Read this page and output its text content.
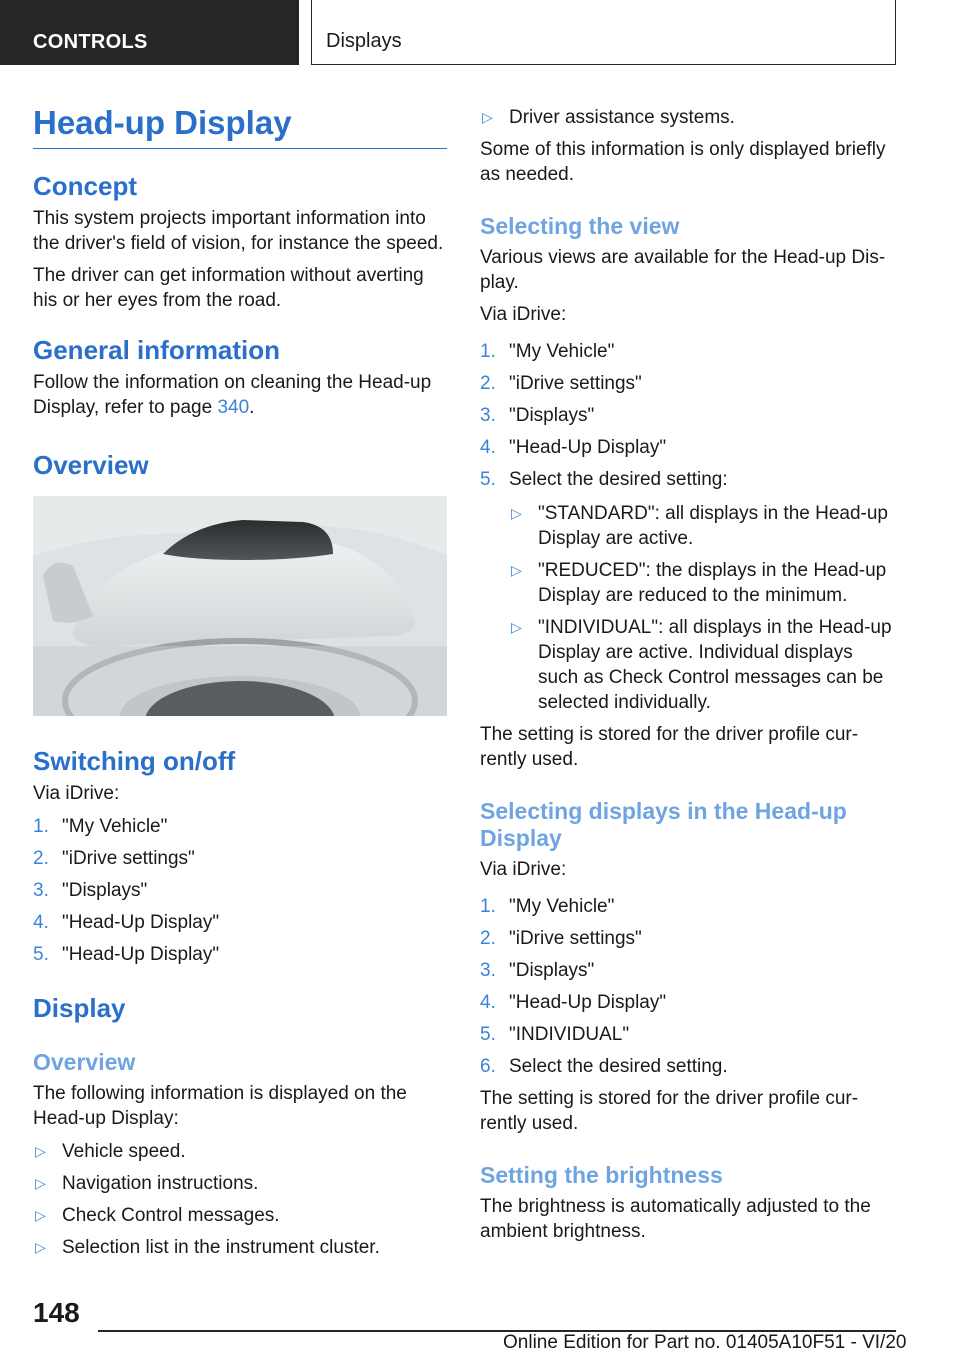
CONTROLS	Displays
Head-up Display
Concept

This system projects important information into the driver's field of vision, for instance the speed.

The driver can get information without averting his or her eyes from the road.

General information

Follow the information on cleaning the Head-up Display, refer to page 340.

Overview
Switching on/off

Via iDrive:

1. "My Vehicle"
2. "iDrive settings"
3. "Displays"
4. "Head-Up Display"
5. "Head-Up Display"
Display
Overview

The following information is displayed on the Head-up Display:

▷ Vehicle speed.
▷ Navigation instructions.
▷ Check Control messages.
▷ Selection list in the instrument cluster.
▷ Driver assistance systems.

Some of this information is only displayed briefly as needed.

Selecting the view

Various views are available for the Head-up Display.

Via iDrive:

1. "My Vehicle"
2. "iDrive settings"
3. "Displays"
4. "Head-Up Display"
5. Select the desired setting:
▷ "STANDARD": all displays in the Head-up Display are active.
▷ "REDUCED": the displays in the Head-up Display are reduced to the minimum.
▷ "INDIVIDUAL": all displays in the Head-up Display are active. Individual displays such as Check Control messages can be selected individually.

The setting is stored for the driver profile currently used.

Selecting displays in the Head-up Display

Via iDrive:

1. "My Vehicle"
2. "iDrive settings"
3. "Displays"
4. "Head-Up Display"
5. "INDIVIDUAL"
6. Select the desired setting.

The setting is stored for the driver profile currently used.

Setting the brightness

The brightness is automatically adjusted to the ambient brightness.

148
Online Edition for Part no. 01405A10F51 - VI/20
